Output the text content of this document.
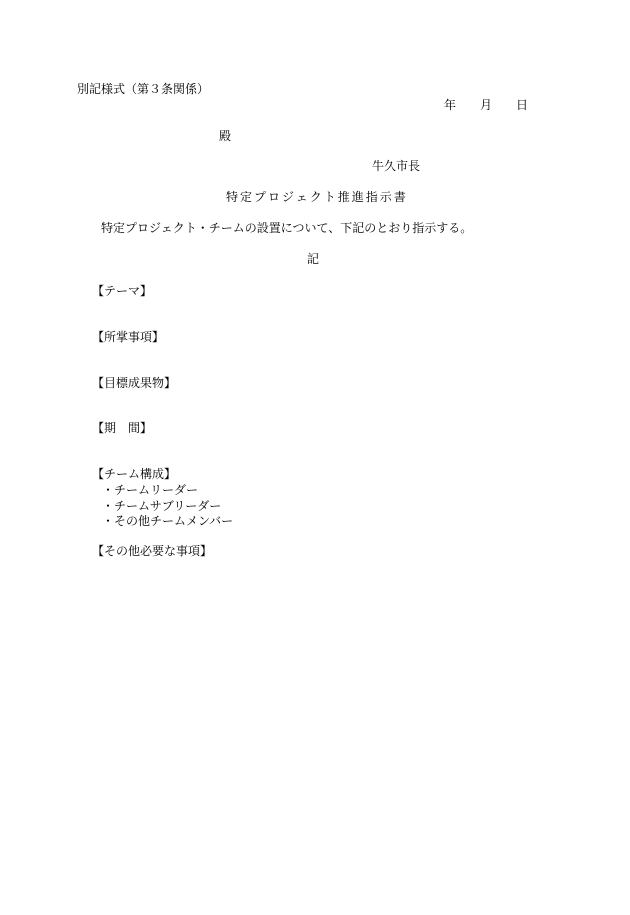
別記様式（第３条関係）
年 月 日
殿
牛久市長
特定プロジェクト推進指示書
特定プロジェクト・チームの設置について、下記のとおり指示する。
記
【テーマ】
【所掌事項】
【目標成果物】
【期　間】
【チーム構成】
・チームリーダー
・チームサブリーダー
・その他チームメンバー
【その他必要な事項】
